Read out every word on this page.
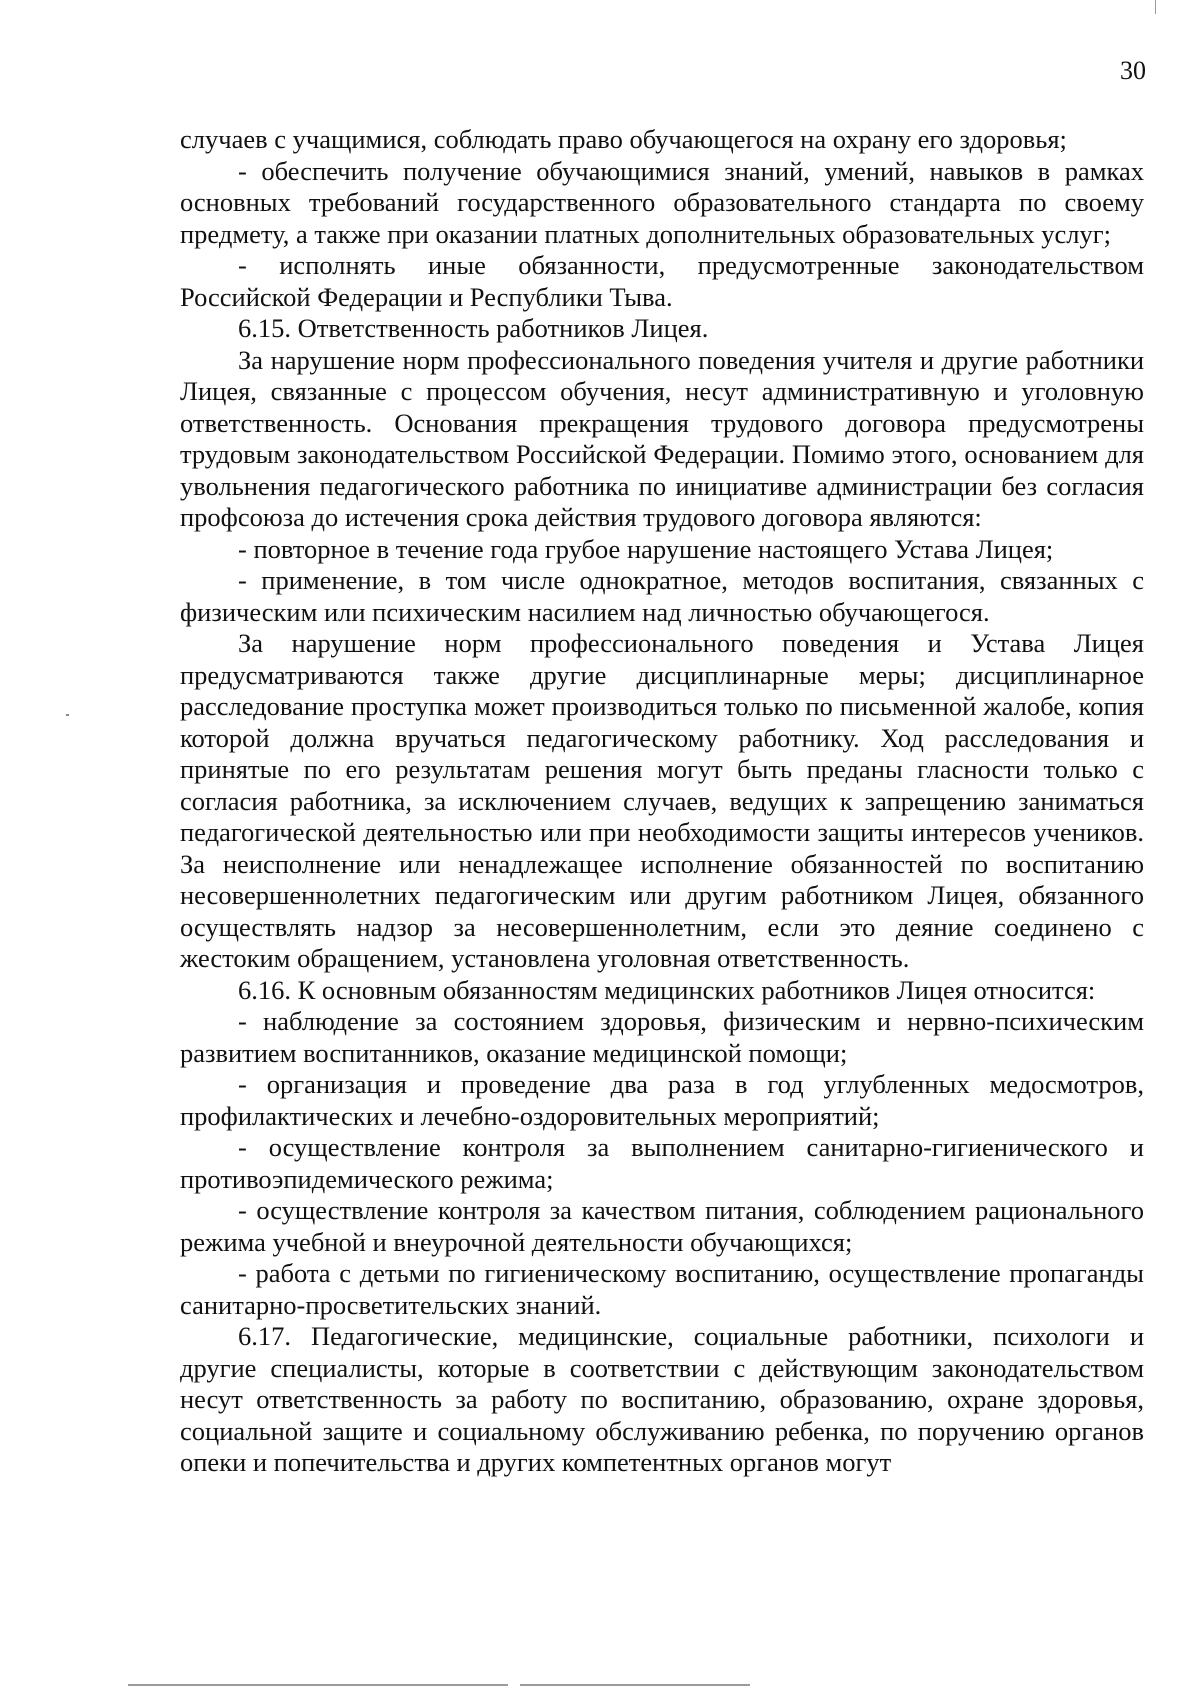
30

случаев с учащимися, соблюдать право обучающегося на охрану его здоровья;

- обеспечить получение обучающимися знаний, умений, навыков в рамках основных требований государственного образовательного стандарта по своему предмету, а также при оказании платных дополнительных образовательных услуг;

- исполнять иные обязанности, предусмотренные законодательством Российской Федерации и Республики Тыва.

6.15. Ответственность работников Лицея.

За нарушение норм профессионального поведения учителя и другие работники Лицея, связанные с процессом обучения, несут административную и уголовную ответственность. Основания прекращения трудового договора предусмотрены трудовым законодательством Российской Федерации. Помимо этого, основанием для увольнения педагогического работника по инициативе администрации без согласия профсоюза до истечения срока действия трудового договора являются:

- повторное в течение года грубое нарушение настоящего Устава Лицея;

- применение, в том числе однократное, методов воспитания, связанных с физическим или психическим насилием над личностью обучающегося.

За нарушение норм профессионального поведения и Устава Лицея предусматриваются также другие дисциплинарные меры; дисциплинарное расследование проступка может производиться только по письменной жалобе, копия которой должна вручаться педагогическому работнику. Ход расследования и принятые по его результатам решения могут быть преданы гласности только с согласия работника, за исключением случаев, ведущих к запрещению заниматься педагогической деятельностью или при необходимости защиты интересов учеников. За неисполнение или ненадлежащее исполнение обязанностей по воспитанию несовершеннолетних педагогическим или другим работником Лицея, обязанного осуществлять надзор за несовершеннолетним, если это деяние соединено с жестоким обращением, установлена уголовная ответственность.

6.16. К основным обязанностям медицинских работников Лицея относится:

- наблюдение за состоянием здоровья, физическим и нервно-психическим развитием воспитанников, оказание медицинской помощи;

- организация и проведение два раза в год углубленных медосмотров, профилактических и лечебно-оздоровительных мероприятий;

- осуществление контроля за выполнением санитарно-гигиенического и противоэпидемического режима;

- осуществление контроля за качеством питания, соблюдением рационального режима учебной и внеурочной деятельности обучающихся;

- работа с детьми по гигиеническому воспитанию, осуществление пропаганды санитарно-просветительских знаний.

6.17. Педагогические, медицинские, социальные работники, психологи и другие специалисты, которые в соответствии с действующим законодательством несут ответственность за работу по воспитанию, образованию, охране здоровья, социальной защите и социальному обслуживанию ребенка, по поручению органов опеки и попечительства и других компетентных органов могут
